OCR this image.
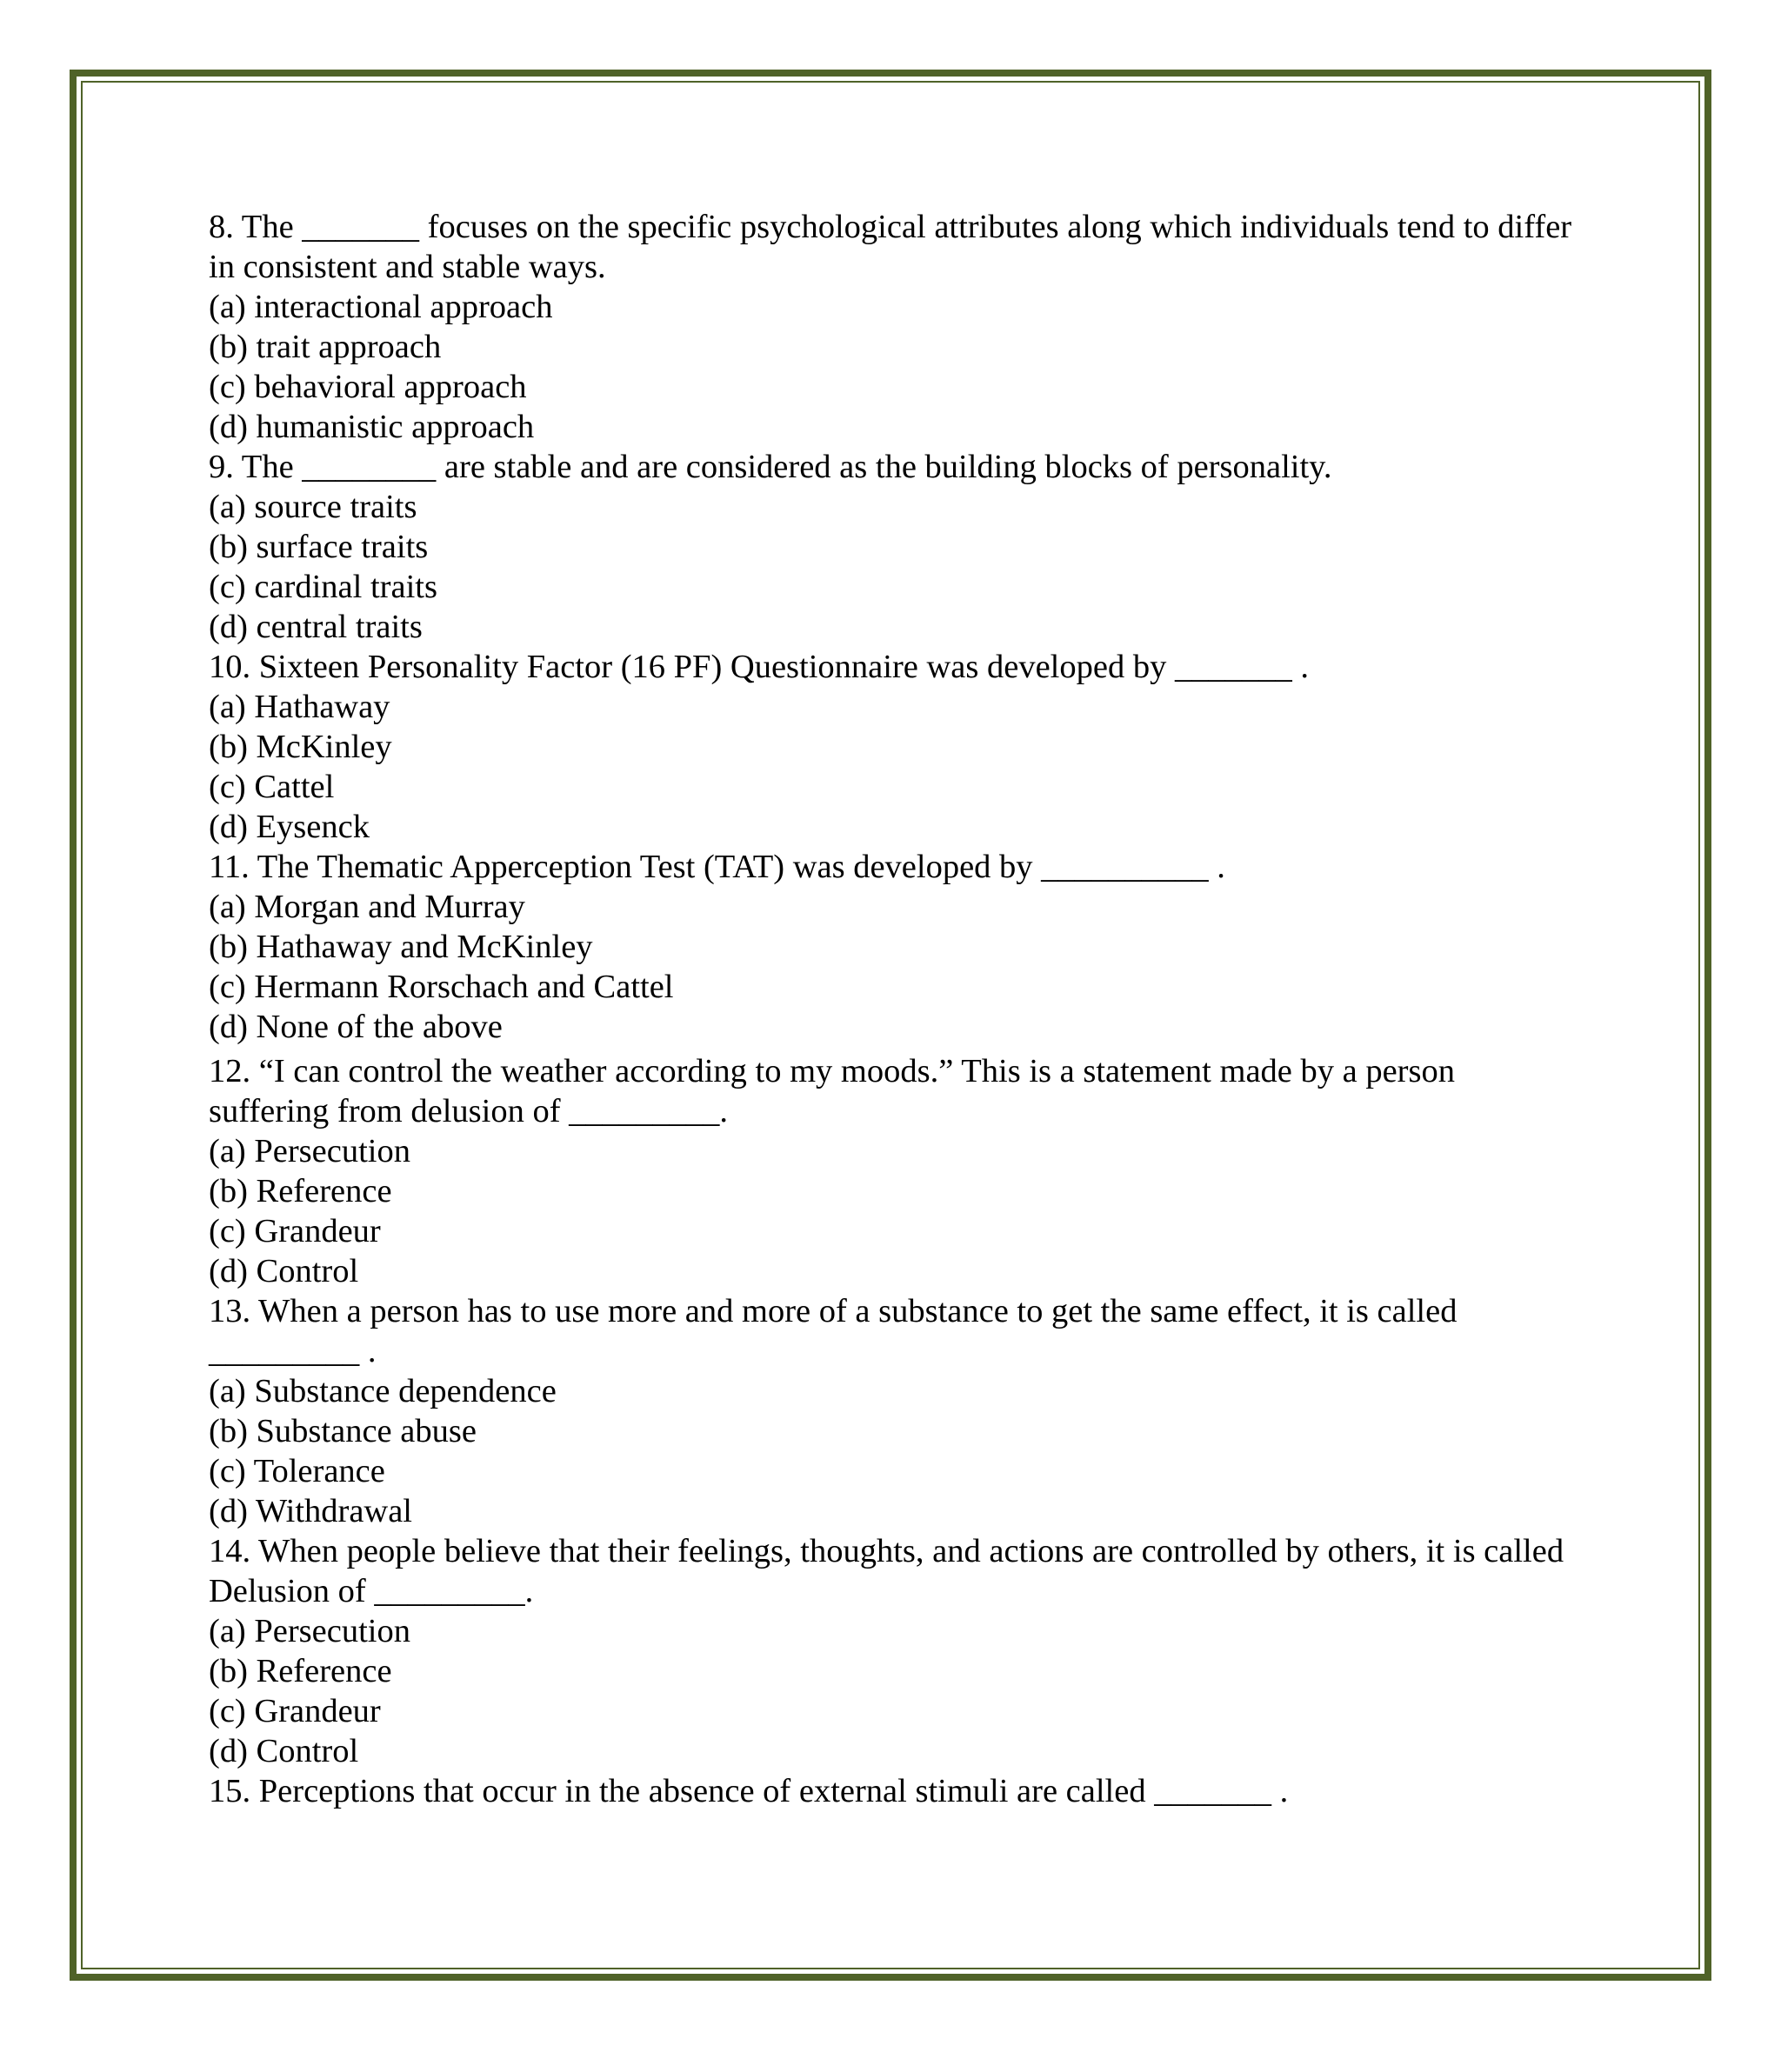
8. The _______ focuses on the specific psychological attributes along which individuals tend to differ in consistent and stable ways.

(a) interactional approach

(b) trait approach

(c) behavioral approach

(d) humanistic approach

9. The ________ are stable and are considered as the building blocks of personality.

(a) source traits

(b) surface traits

(c) cardinal traits

(d) central traits

10. Sixteen Personality Factor (16 PF) Questionnaire was developed by _______ .

(a) Hathaway

(b) McKinley

(c) Cattel

(d) Eysenck

11. The Thematic Apperception Test (TAT) was developed by __________ .

(a) Morgan and Murray

(b) Hathaway and McKinley

(c) Hermann Rorschach and Cattel

(d) None of the above

12. “I can control the weather according to my moods.” This is a statement made by a person suffering from delusion of _________.

(a) Persecution

(b) Reference

(c) Grandeur

(d) Control

13. When a person has to use more and more of a substance to get the same effect, it is called _________ .

(a) Substance dependence

(b) Substance abuse

(c) Tolerance

(d) Withdrawal

14. When people believe that their feelings, thoughts, and actions are controlled by others, it is called Delusion of _________.

(a) Persecution

(b) Reference

(c) Grandeur

(d) Control

15. Perceptions that occur in the absence of external stimuli are called _______ .
